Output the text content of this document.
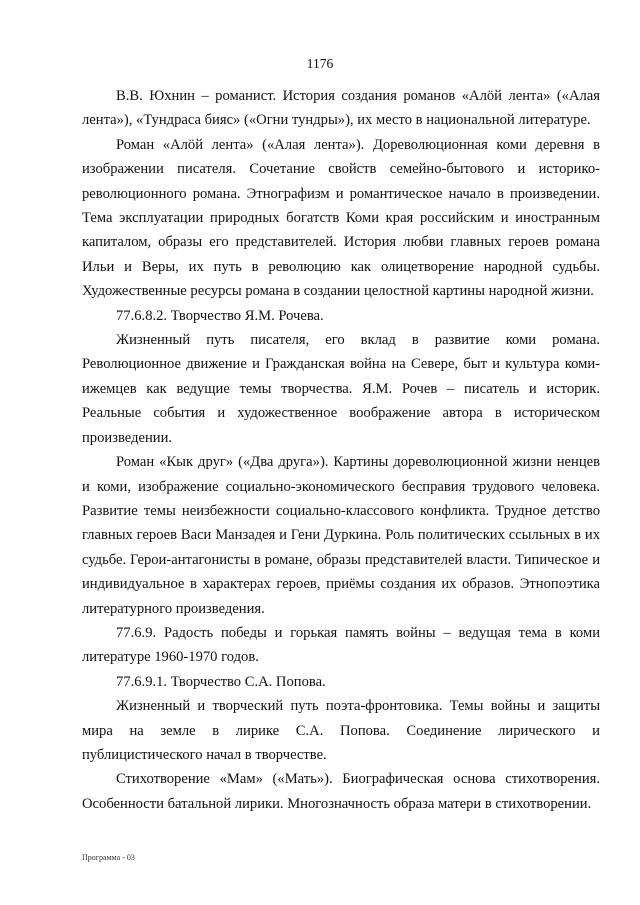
1176

В.В. Юхнин – романист. История создания романов «Алӧй лента» («Алая лента»), «Тундраса бияс» («Огни тундры»), их место в национальной литературе.

Роман «Алӧй лента» («Алая лента»). Дореволюционная коми деревня в изображении писателя. Сочетание свойств семейно-бытового и историко-революционного романа. Этнографизм и романтическое начало в произведении. Тема эксплуатации природных богатств Коми края российским и иностранным капиталом, образы его представителей. История любви главных героев романа Ильи и Веры, их путь в революцию как олицетворение народной судьбы. Художественные ресурсы романа в создании целостной картины народной жизни.

77.6.8.2. Творчество Я.М. Рочева.

Жизненный путь писателя, его вклад в развитие коми романа. Революционное движение и Гражданская война на Севере, быт и культура коми-ижемцев как ведущие темы творчества. Я.М. Рочев – писатель и историк. Реальные события и художественное воображение автора в историческом произведении.

Роман «Кык друг» («Два друга»). Картины дореволюционной жизни ненцев и коми, изображение социально-экономического бесправия трудового человека. Развитие темы неизбежности социально-классового конфликта. Трудное детство главных героев Васи Манзадея и Гени Дуркина. Роль политических ссыльных в их судьбе. Герои-антагонисты в романе, образы представителей власти. Типическое и индивидуальное в характерах героев, приёмы создания их образов. Этнопоэтика литературного произведения.

77.6.9. Радость победы и горькая память войны – ведущая тема в коми литературе 1960-1970 годов.

77.6.9.1. Творчество С.А. Попова.

Жизненный и творческий путь поэта-фронтовика. Темы войны и защиты мира на земле в лирике С.А. Попова. Соединение лирического и публицистического начал в творчестве.

Стихотворение «Мам» («Мать»). Биографическая основа стихотворения. Особенности батальной лирики. Многозначность образа матери в стихотворении.

Программа - 03
